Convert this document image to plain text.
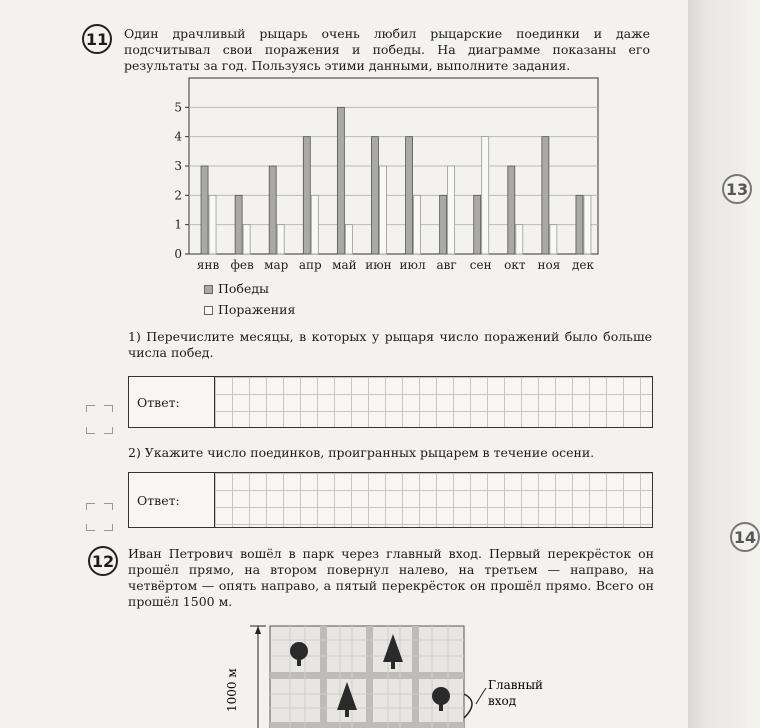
13
14
11 Один драчливый рыцарь очень любил рыцарские поединки и даже подсчитывал свои поражения и победы. На диаграмме показаны его результаты за год. Пользуясь этими данными, выполните задания.
0
1
2
3
4
5
янв фев мар апр май июн июл авг сен окт ноя дек
Победы
Поражения
1) Перечислите месяцы, в которых у рыцаря число поражений было больше числа побед.
Ответ:
2) Укажите число поединков, проигранных рыцарем в течение осени.
Ответ:
12 Иван Петрович вошёл в парк через главный вход. Первый перекрёсток он прошёл прямо, на втором повернул налево, на третьем — направо, на четвёртом — опять направо, а пятый перекрёсток он прошёл прямо. Всего он прошёл 1500 м.
1000 м	Главный
вход
